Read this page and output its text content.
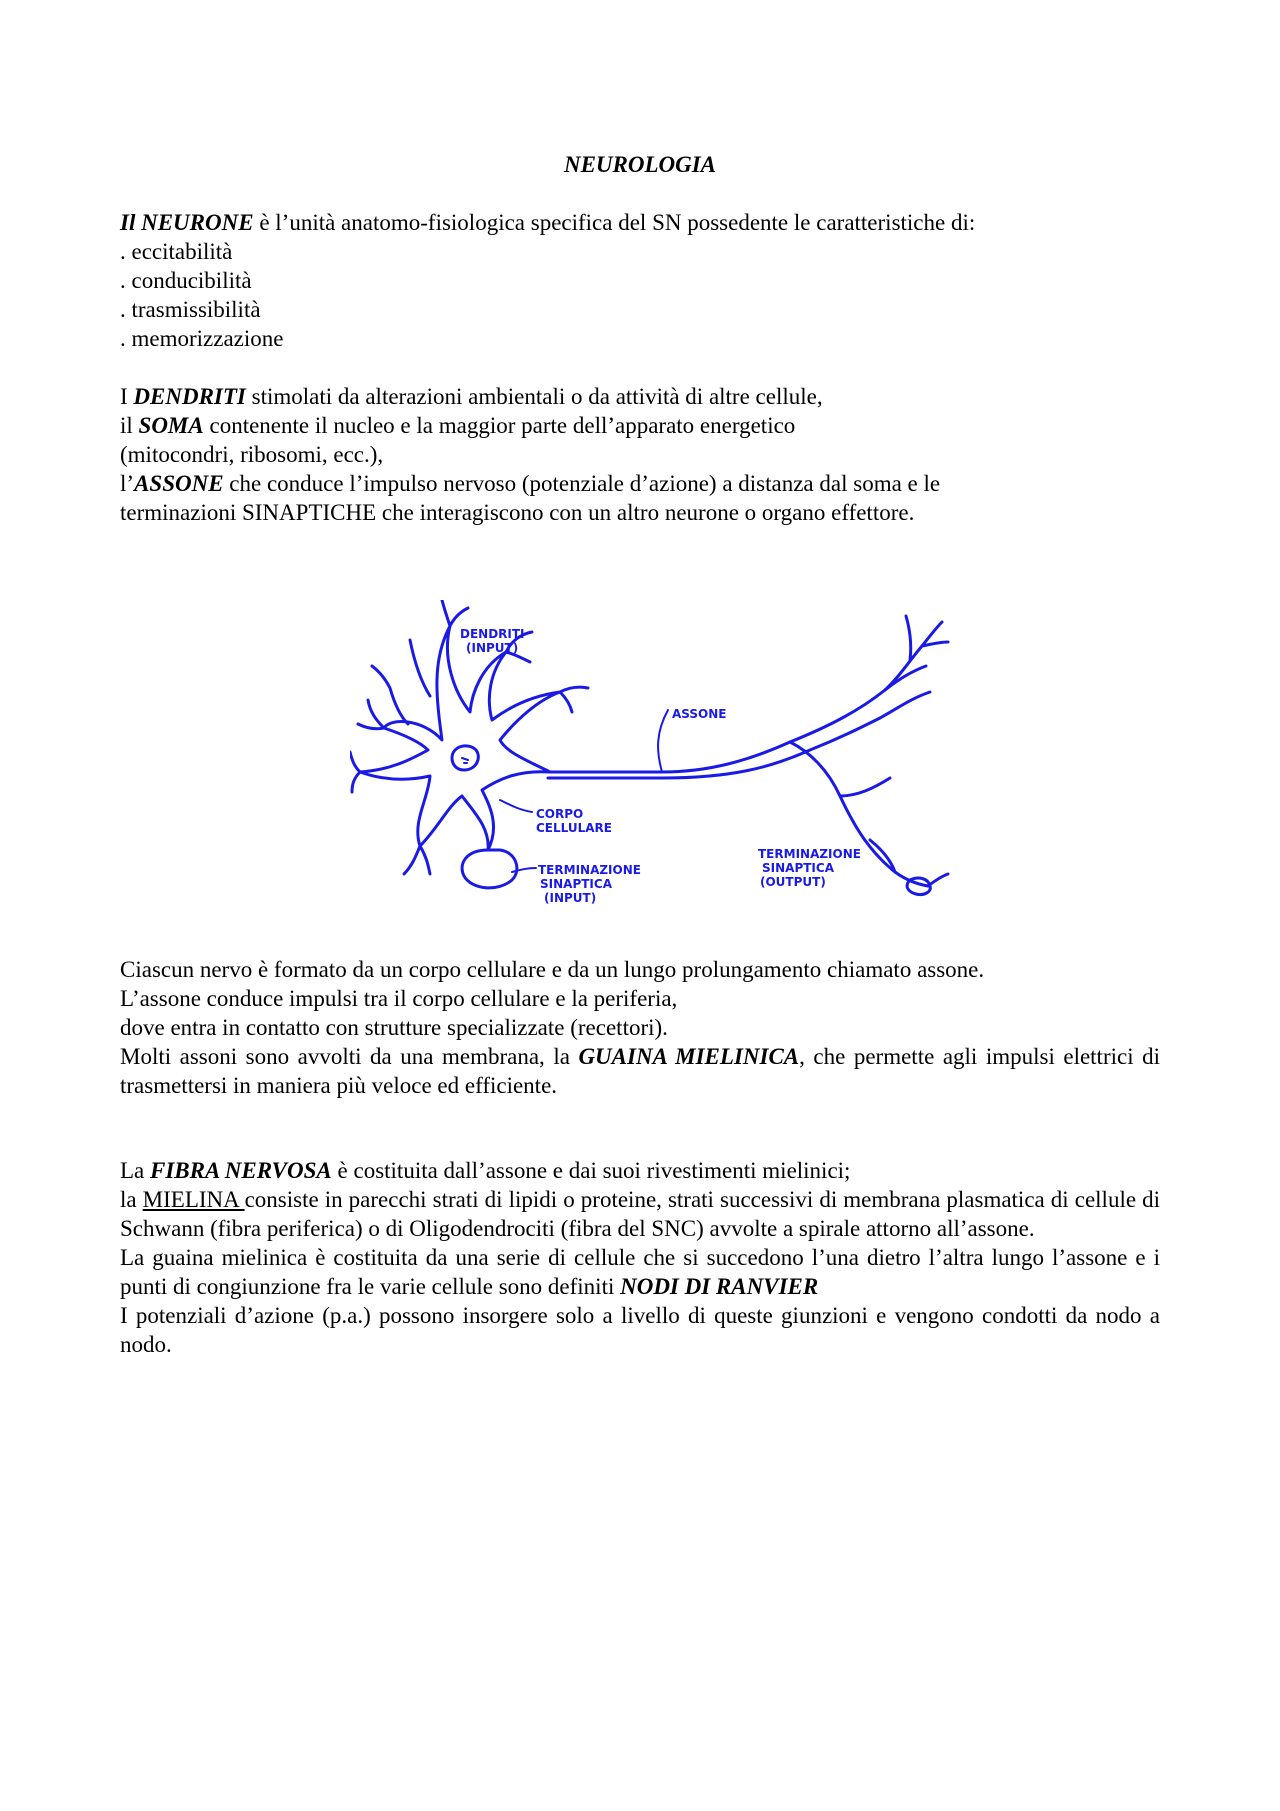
NEUROLOGIA

Il NEURONE è l’unità anatomo-fisiologica specifica del SN possedente le caratteristiche di:

. eccitabilità

. conducibilità

. trasmissibilità

. memorizzazione

I DENDRITI stimolati da alterazioni ambientali o da attività di altre cellule,

il SOMA contenente il nucleo e la maggior parte dell’apparato energetico

(mitocondri, ribosomi, ecc.),

l’ASSONE che conduce l’impulso nervoso (potenziale d’azione) a distanza dal soma e le

terminazioni SINAPTICHE che interagiscono con un altro neurone o organo effettore.

DENDRITI
(INPUT)
ASSONE
CORPO
CELLULARE
TERMINAZIONE
SINAPTICA
(INPUT)
TERMINAZIONE
SINAPTICA
(OUTPUT)

Ciascun nervo è formato da un corpo cellulare e da un lungo prolungamento chiamato assone.

L’assone conduce impulsi tra il corpo cellulare e la periferia,

dove entra in contatto con strutture specializzate (recettori).

Molti assoni sono avvolti da una membrana, la GUAINA MIELINICA, che permette agli impulsi elettrici di trasmettersi in maniera più veloce ed efficiente.

La FIBRA NERVOSA è costituita dall’assone e dai suoi rivestimenti mielinici;

la MIELINA consiste in parecchi strati di lipidi o proteine, strati successivi di membrana plasmatica di cellule di Schwann (fibra periferica) o di Oligodendrociti (fibra del SNC) avvolte a spirale attorno all’assone.

La guaina mielinica è costituita da una serie di cellule che si succedono l’una dietro l’altra lungo l’assone e i punti di congiunzione fra le varie cellule sono definiti NODI DI RANVIER

I potenziali d’azione (p.a.) possono insorgere solo a livello di queste giunzioni e vengono condotti da nodo a nodo.
